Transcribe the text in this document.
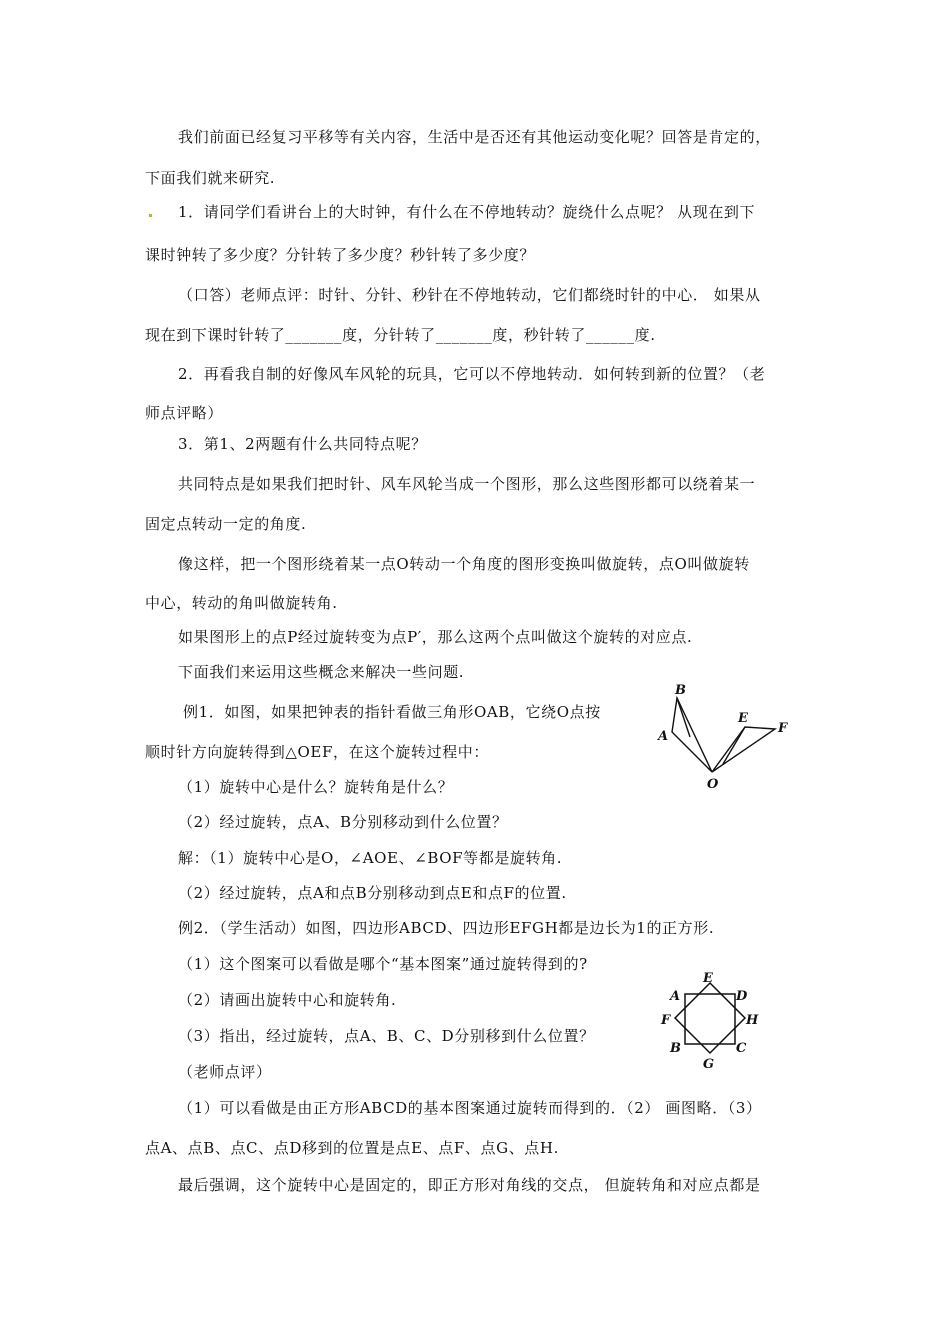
我们前面已经复习平移等有关内容，生活中是否还有其他运动变化呢？回答是肯定的，
下面我们就来研究.
1．请同学们看讲台上的大时钟，有什么在不停地转动？旋绕什么点呢？ 从现在到下
课时钟转了多少度？分针转了多少度？秒针转了多少度？
（口答）老师点评：时针、分针、秒针在不停地转动，它们都绕时针的中心． 如果从
现在到下课时针转了_______度，分针转了_______度，秒针转了______度.
2．再看我自制的好像风车风轮的玩具，它可以不停地转动．如何转到新的位置？（老
师点评略）
3．第1、2两题有什么共同特点呢？
共同特点是如果我们把时针、风车风轮当成一个图形，那么这些图形都可以绕着某一
固定点转动一定的角度.
像这样，把一个图形绕着某一点O转动一个角度的图形变换叫做旋转，点O叫做旋转
中心，转动的角叫做旋转角.
如果图形上的点P经过旋转变为点P′，那么这两个点叫做这个旋转的对应点.
下面我们来运用这些概念来解决一些问题.
例1．如图，如果把钟表的指针看做三角形OAB，它绕O点按
顺时针方向旋转得到△OEF，在这个旋转过程中：
（1）旋转中心是什么？旋转角是什么？
（2）经过旋转，点A、B分别移动到什么位置？
解：（1）旋转中心是O，∠AOE、∠BOF等都是旋转角.
（2）经过旋转，点A和点B分别移动到点E和点F的位置.
例2．（学生活动）如图，四边形ABCD、四边形EFGH都是边长为1的正方形.
（1）这个图案可以看做是哪个“基本图案”通过旋转得到的?
（2）请画出旋转中心和旋转角.
（3）指出，经过旋转，点A、B、C、D分别移到什么位置？
（老师点评）
（1）可以看做是由正方形ABCD的基本图案通过旋转而得到的．（2） 画图略．（3）
点A、点B、点C、点D移到的位置是点E、点F、点G、点H.
最后强调，这个旋转中心是固定的，即正方形对角线的交点， 但旋转角和对应点都是
B
A
E
F
O
E
A	D
F	H
B	C
G
